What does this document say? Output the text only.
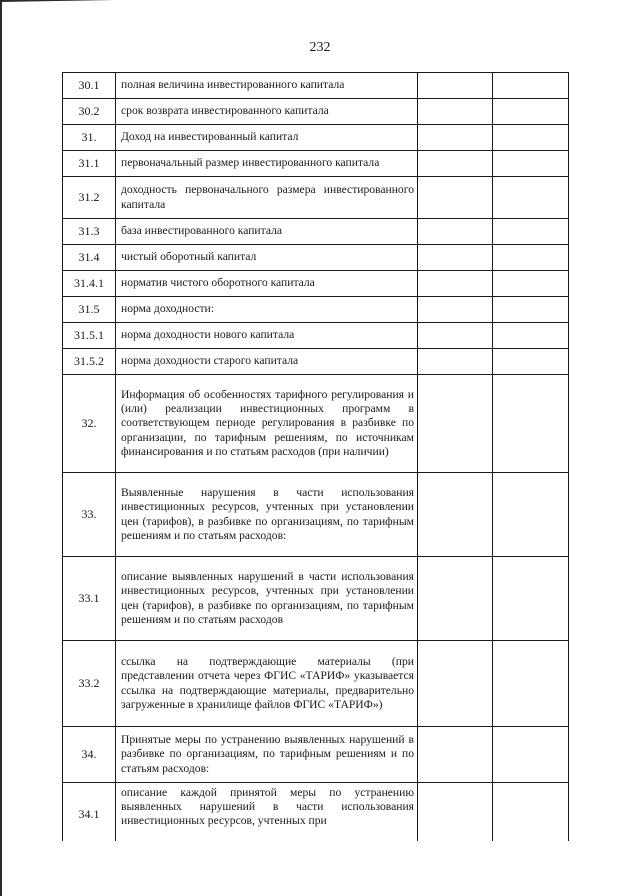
232
30.1	полная величина инвестированного капитала		
30.2	срок возврата инвестированного капитала		
31.	Доход на инвестированный капитал		
31.1	первоначальный размер инвестированного капитала		
31.2	доходность первоначального размера инвестированного капитала		
31.3	база инвестированного капитала		
31.4	чистый оборотный капитал		
31.4.1	норматив чистого оборотного капитала		
31.5	норма доходности:		
31.5.1	норма доходности нового капитала		
31.5.2	норма доходности старого капитала		
32.	Информация об особенностях тарифного регулирования и (или) реализации инвестиционных программ в соответствующем периоде регулирования в разбивке по организации, по тарифным решениям, по источникам финансирования и по статьям расходов (при наличии)		
33.	Выявленные нарушения в части использования инвестиционных ресурсов, учтенных при установлении цен (тарифов), в разбивке по организациям, по тарифным решениям и по статьям расходов:		
33.1	описание выявленных нарушений в части использования инвестиционных ресурсов, учтенных при установлении цен (тарифов), в разбивке по организациям, по тарифным решениям и по статьям расходов		
33.2	ссылка на подтверждающие материалы (при представлении отчета через ФГИС «ТАРИФ» указывается ссылка на подтверждающие материалы, предварительно загруженные в хранилище файлов ФГИС «ТАРИФ»)		
34.	Принятые меры по устранению выявленных нарушений в разбивке по организациям, по тарифным решениям и по статьям расходов:		
34.1	описание каждой принятой меры по устранению выявленных нарушений в части использования инвестиционных ресурсов, учтенных при		
